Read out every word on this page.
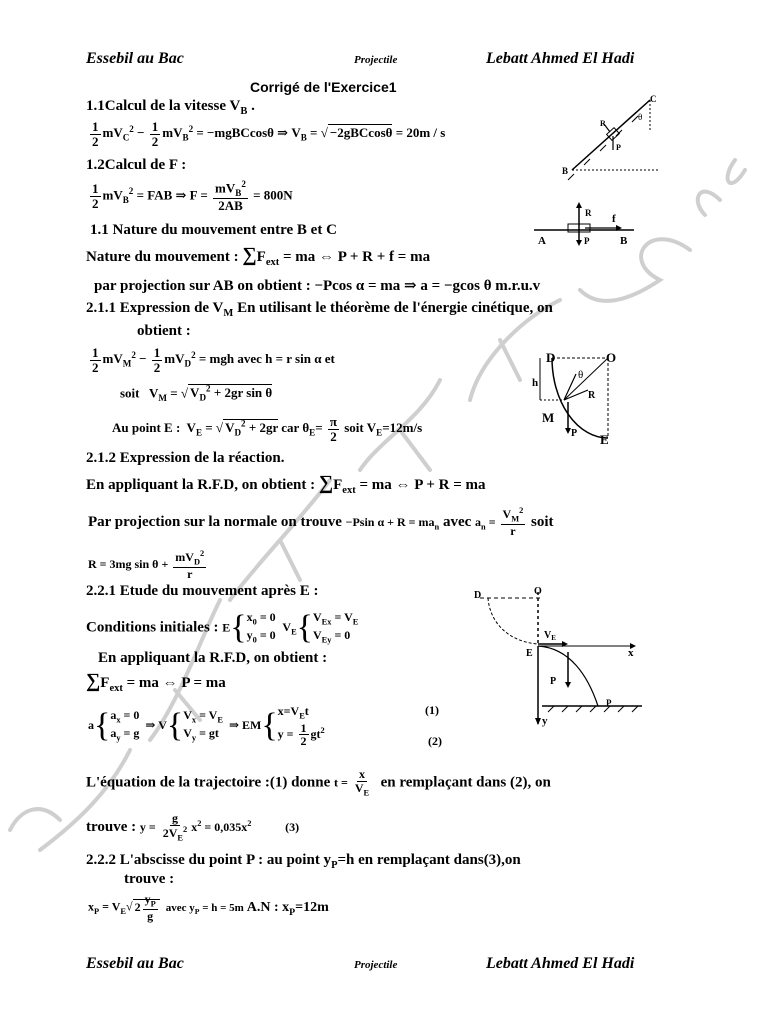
Essebil au Bac	Projectile	Lebatt Ahmed El Hadi
Corrigé de l'Exercice1
1.1Calcul de la vitesse $V_B$ .
$\frac{1}{2} mV_C^2 - \frac{1}{2} mV_B^2$ = −mgBCcosθ ⇒ $V_B$ = √ −2gBCcosθ = 20m / s
1.2Calcul de F :
$\frac{1}{2} mV_B^2$ = FAB ⇒ $F = \frac{mV_B^2}{2AB} = 800N$
1.1 Nature du mouvement entre B et C
Nature du mouvement : $\sum F_{ext}$ = ma ⇔ P + R + f = ma
par projection sur AB on obtient : −Pcos α = ma ⇒ a = −gcos θ m.r.u.v
2.1.1 Expression de $V_M$ En utilisant le théorème de l'énergie cinétique, on
obtient :
$\frac{1}{2} mV_M^2 - \frac{1}{2} mV_D^2$ = mgh avec h = r sin α et
soit   $V_M$ = √ $V_D^2 + 2gr$ sin θ
Au point E :  $V_E$ = √ $V_D^2 + 2gr$ car $\theta_E= \frac{\pi}{2}$ soit $V_E=12m/s$
2.1.2 Expression de la réaction.
En appliquant la R.F.D, on obtient : $\sum F_{ext}$ = ma ⇔ P + R = ma
Par projection sur la normale on trouve −Psin $\alpha + R = ma_n$ avec $a_n = \frac{V_M^2}{r}$ soit
R = 3mg $\sin \theta + \frac{mV_D^2}{r}$
2.2.1 Etude du mouvement après E :
Conditions initiales : E{ $x_0 = 0$
$y_0 = 0$
$V_E${ $V_{Ex} = V_E$
$V_{Ey} = 0$
En appliquant la R.F.D, on obtient :
$\sum F_{ext}$ = ma ⇔ P = ma
a{ $a_x = 0$
$a_y = g$
⇒ V{ $V_x = V_E$
$V_y$ = gt
⇒ EM{ $x=V_Et$
$y = \frac{1}{2} gt^2$
(1)
(2)
L'équation de la trajectoire :(1) donne $t = \frac{x}{V_E}$ en remplaçant dans (2), on
trouve : $y = \frac{g}{2V_E^2} x^2 = 0,035x^2$	(3)
2.2.2 L'abscisse du point P : au point $y_P=h$ en remplaçant dans(3),on
trouve :
$x_P = V_E√$ $2 \frac{y_P}{g}$ avec $y_P = h = 5m$ A.N : $x_P=12m$
Essebil au Bac	Projectile	Lebatt Ahmed El Hadi
B
C
R
P
θ
A	B
R
P
f
D	O
M
E
h
θ
R
P
D	O
E	x
y
P
$V_E$
P
